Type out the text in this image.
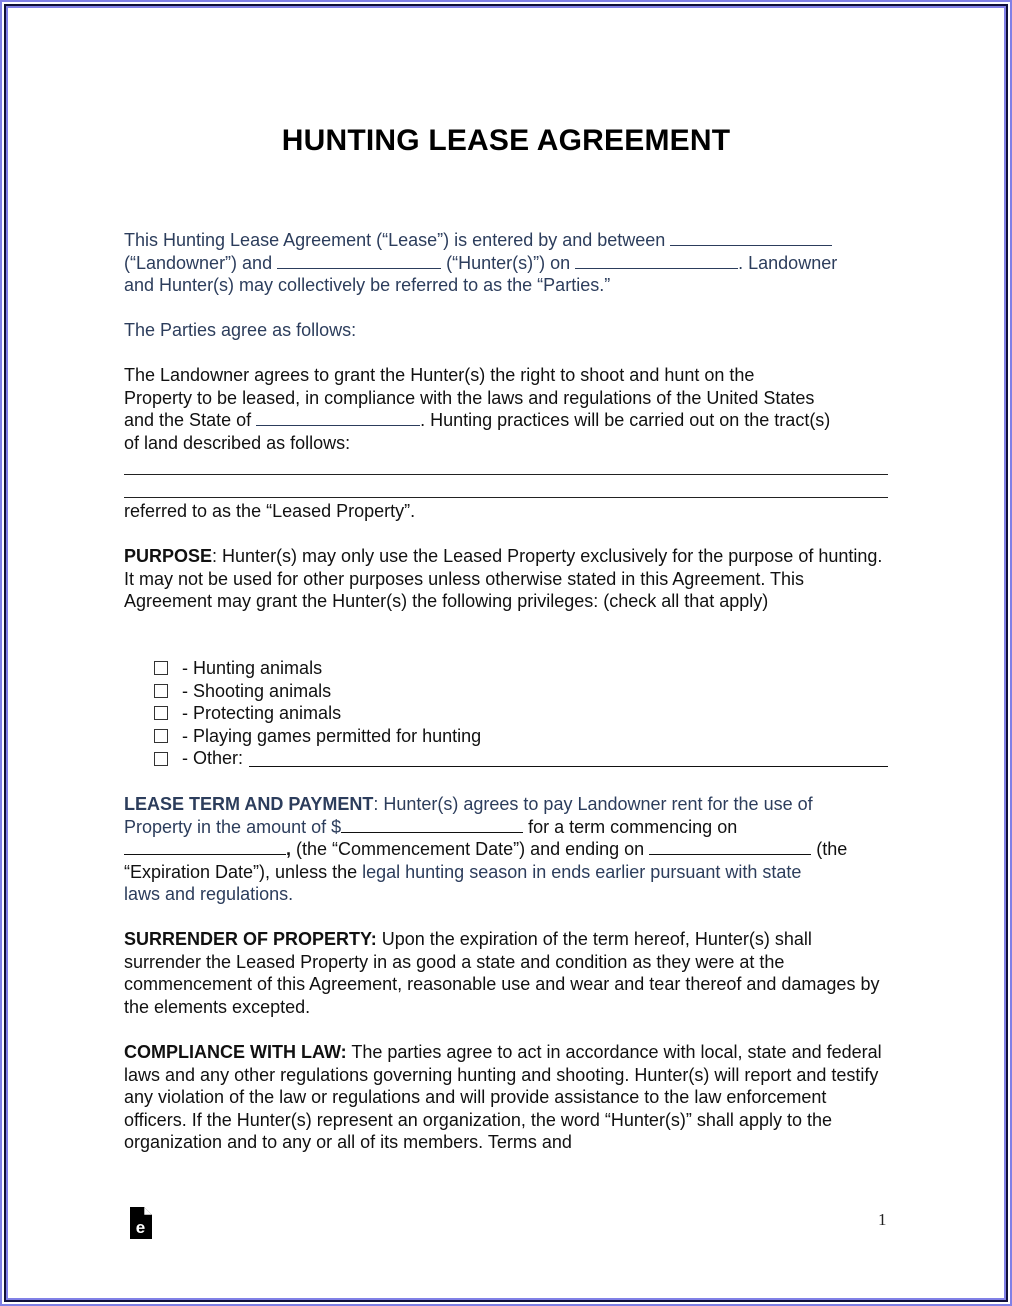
HUNTING LEASE AGREEMENT
This Hunting Lease Agreement (“Lease”) is entered by and between
(“Landowner”) and	(“Hunter(s)”) on	. Landowner
and Hunter(s) may collectively be referred to as the “Parties.”
The Parties agree as follows:
The Landowner agrees to grant the Hunter(s) the right to shoot and hunt on the
Property to be leased, in compliance with the laws and regulations of the United States
and the State of	. Hunting practices will be carried out on the tract(s)
of land described as follows:
referred to as the “Leased Property”.
PURPOSE: Hunter(s) may only use the Leased Property exclusively for the purpose of hunting. It may not be used for other purposes unless otherwise stated in this Agreement. This Agreement may grant the Hunter(s) the following privileges: (check all that apply)
- Hunting animals
- Shooting animals
- Protecting animals
- Playing games permitted for hunting
- Other:
LEASE TERM AND PAYMENT: Hunter(s) agrees to pay Landowner rent for the use of
Property in the amount of $	for a term commencing on
, (the “Commencement Date”) and ending on	(the
“Expiration Date”), unless the legal hunting season in ends earlier pursuant with state
laws and regulations.
SURRENDER OF PROPERTY: Upon the expiration of the term hereof, Hunter(s) shall surrender the Leased Property in as good a state and condition as they were at the commencement of this Agreement, reasonable use and wear and tear thereof and damages by the elements excepted.
COMPLIANCE WITH LAW: The parties agree to act in accordance with local, state and federal laws and any other regulations governing hunting and shooting. Hunter(s) will report and testify any violation of the law or regulations and will provide assistance to the law enforcement officers. If the Hunter(s) represent an organization, the word “Hunter(s)” shall apply to the organization and to any or all of its members. Terms and
e	1
